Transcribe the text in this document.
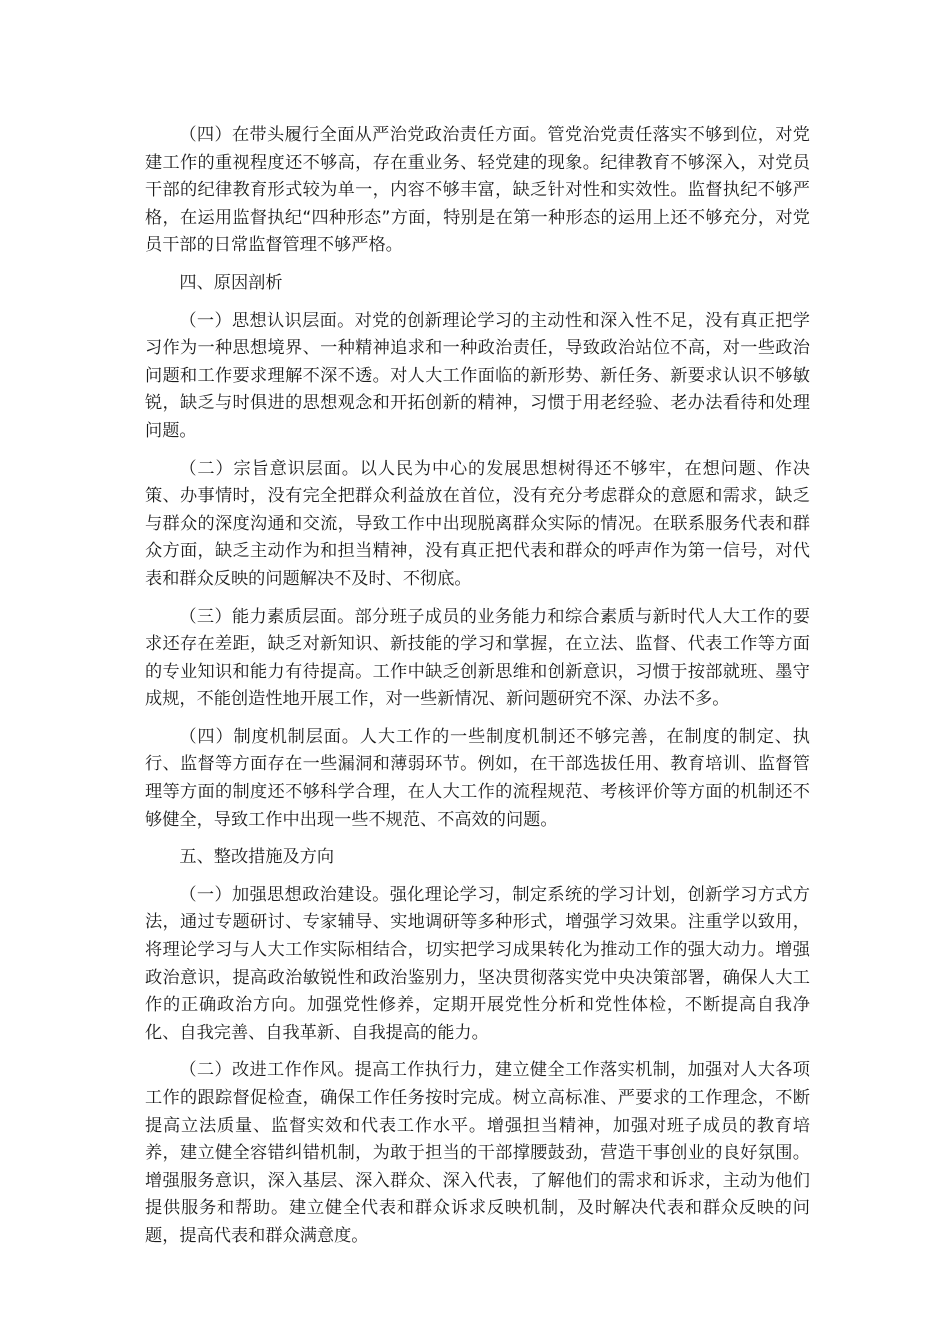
（四）在带头履行全面从严治党政治责任方面。管党治党责任落实不够到位，对党建工作的重视程度还不够高，存在重业务、轻党建的现象。纪律教育不够深入，对党员干部的纪律教育形式较为单一，内容不够丰富，缺乏针对性和实效性。监督执纪不够严格，在运用监督执纪“四种形态”方面，特别是在第一种形态的运用上还不够充分，对党员干部的日常监督管理不够严格。

四、原因剖析

（一）思想认识层面。对党的创新理论学习的主动性和深入性不足，没有真正把学习作为一种思想境界、一种精神追求和一种政治责任，导致政治站位不高，对一些政治问题和工作要求理解不深不透。对人大工作面临的新形势、新任务、新要求认识不够敏锐，缺乏与时俱进的思想观念和开拓创新的精神，习惯于用老经验、老办法看待和处理问题。

（二）宗旨意识层面。以人民为中心的发展思想树得还不够牢，在想问题、作决策、办事情时，没有完全把群众利益放在首位，没有充分考虑群众的意愿和需求，缺乏与群众的深度沟通和交流，导致工作中出现脱离群众实际的情况。在联系服务代表和群众方面，缺乏主动作为和担当精神，没有真正把代表和群众的呼声作为第一信号，对代表和群众反映的问题解决不及时、不彻底。

（三）能力素质层面。部分班子成员的业务能力和综合素质与新时代人大工作的要求还存在差距，缺乏对新知识、新技能的学习和掌握，在立法、监督、代表工作等方面的专业知识和能力有待提高。工作中缺乏创新思维和创新意识，习惯于按部就班、墨守成规，不能创造性地开展工作，对一些新情况、新问题研究不深、办法不多。

（四）制度机制层面。人大工作的一些制度机制还不够完善，在制度的制定、执行、监督等方面存在一些漏洞和薄弱环节。例如，在干部选拔任用、教育培训、监督管理等方面的制度还不够科学合理，在人大工作的流程规范、考核评价等方面的机制还不够健全，导致工作中出现一些不规范、不高效的问题。

五、整改措施及方向

（一）加强思想政治建设。强化理论学习，制定系统的学习计划，创新学习方式方法，通过专题研讨、专家辅导、实地调研等多种形式，增强学习效果。注重学以致用，将理论学习与人大工作实际相结合，切实把学习成果转化为推动工作的强大动力。增强政治意识，提高政治敏锐性和政治鉴别力，坚决贯彻落实党中央决策部署，确保人大工作的正确政治方向。加强党性修养，定期开展党性分析和党性体检，不断提高自我净化、自我完善、自我革新、自我提高的能力。

（二）改进工作作风。提高工作执行力，建立健全工作落实机制，加强对人大各项工作的跟踪督促检查，确保工作任务按时完成。树立高标准、严要求的工作理念，不断提高立法质量、监督实效和代表工作水平。增强担当精神，加强对班子成员的教育培养，建立健全容错纠错机制，为敢于担当的干部撑腰鼓劲，营造干事创业的良好氛围。增强服务意识，深入基层、深入群众、深入代表，了解他们的需求和诉求，主动为他们提供服务和帮助。建立健全代表和群众诉求反映机制，及时解决代表和群众反映的问题，提高代表和群众满意度。
